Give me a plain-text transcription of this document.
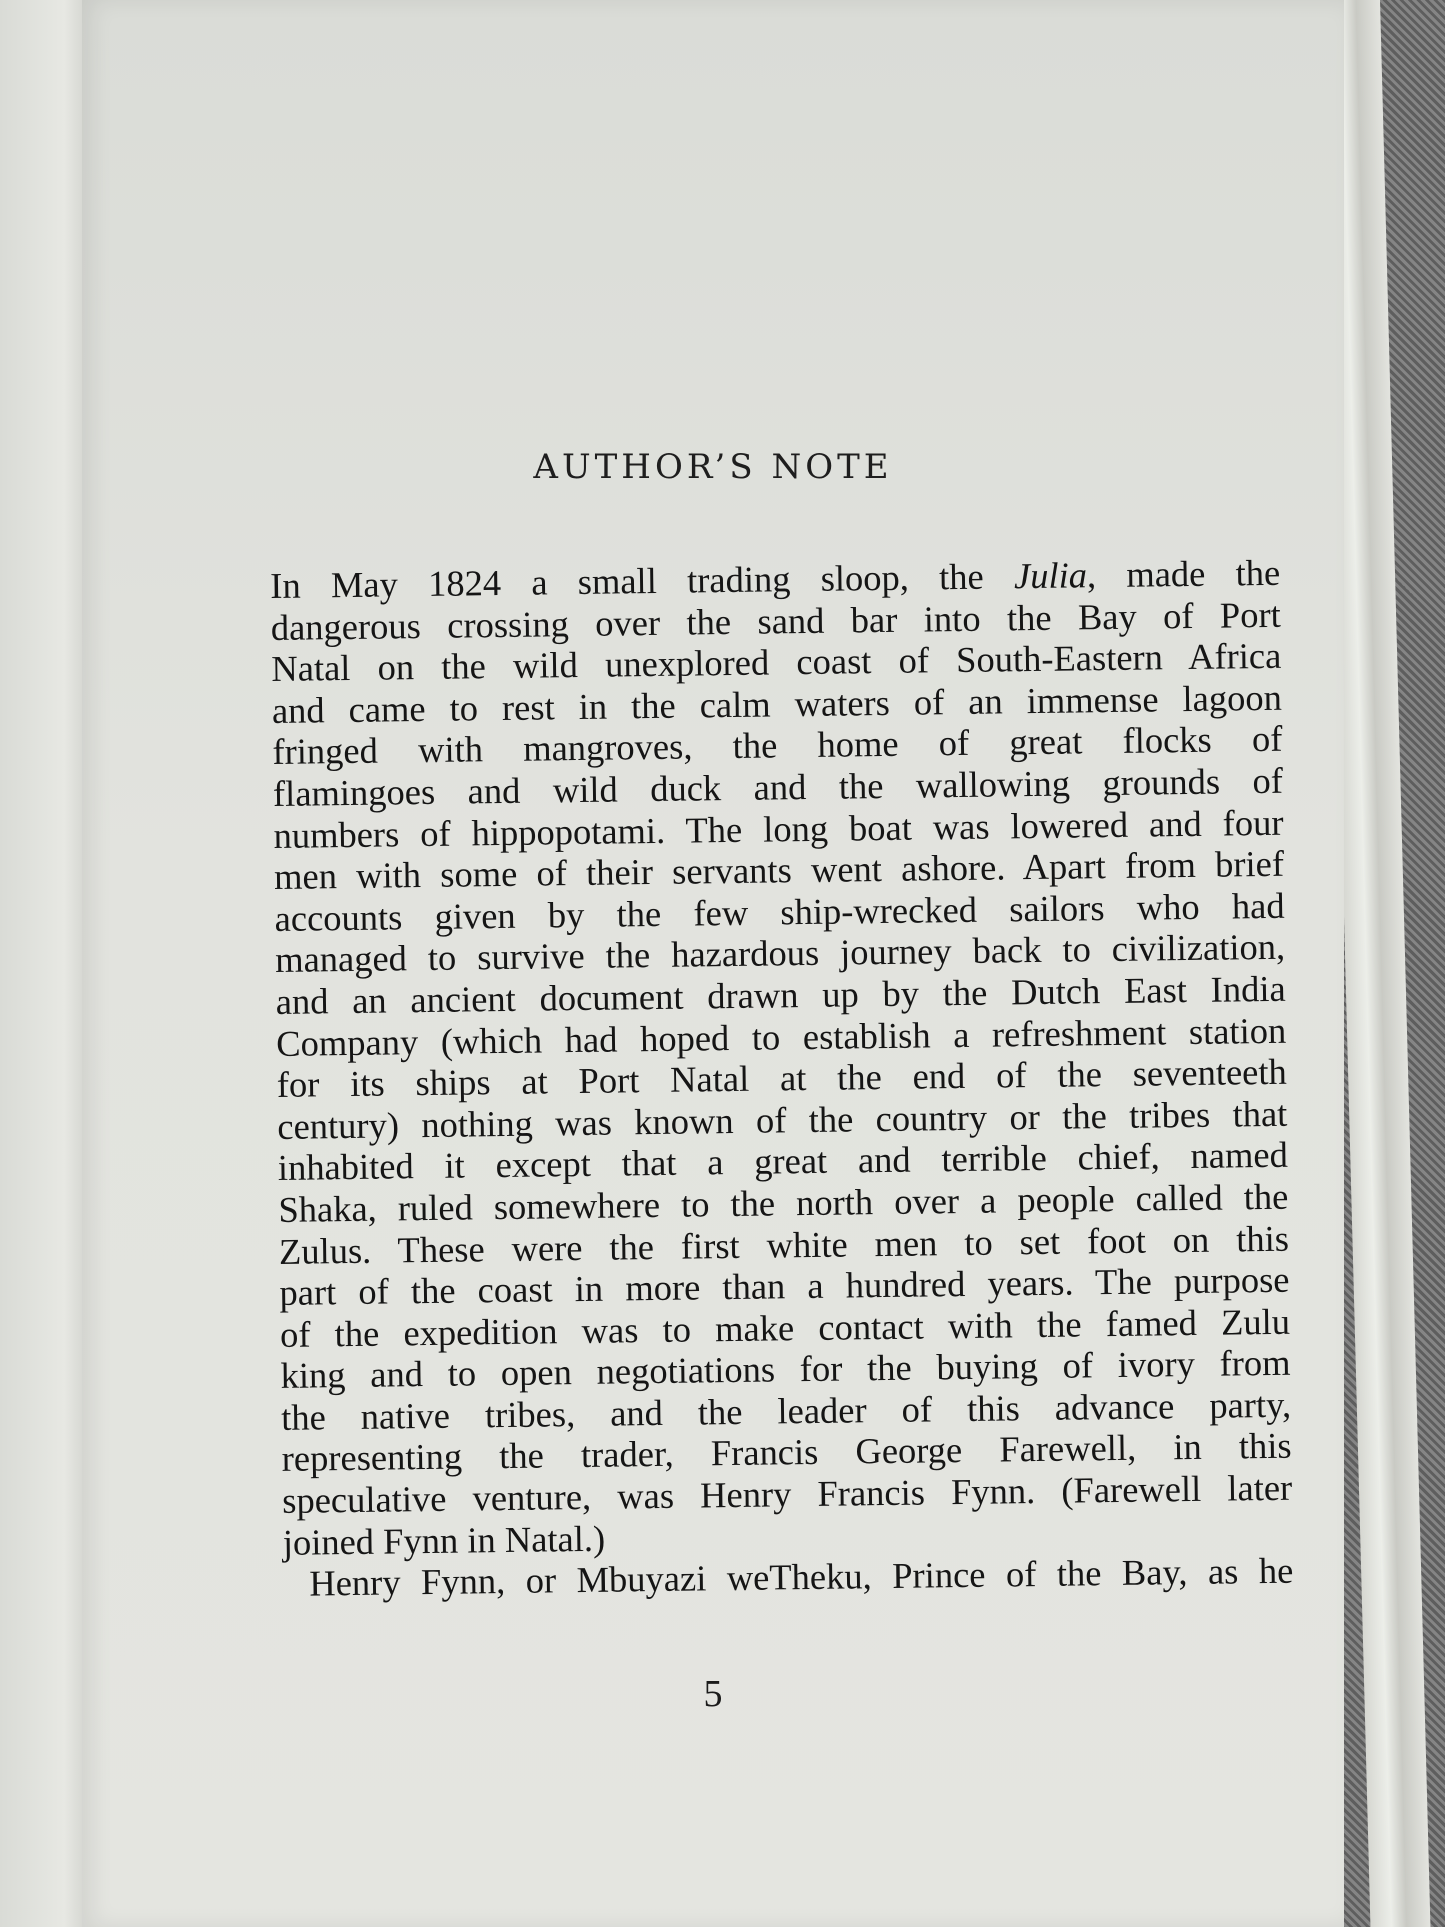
AUTHOR’S NOTE
In May 1824 a small trading sloop, the Julia, made the
dangerous crossing over the sand bar into the Bay of Port
Natal on the wild unexplored coast of South-Eastern Africa
and came to rest in the calm waters of an immense lagoon
fringed with mangroves, the home of great flocks of
flamingoes and wild duck and the wallowing grounds of
numbers of hippopotami. The long boat was lowered and four
men with some of their servants went ashore. Apart from brief
accounts given by the few ship-wrecked sailors who had
managed to survive the hazardous journey back to civilization,
and an ancient document drawn up by the Dutch East India
Company (which had hoped to establish a refreshment station
for its ships at Port Natal at the end of the seventeeth
century) nothing was known of the country or the tribes that
inhabited it except that a great and terrible chief, named
Shaka, ruled somewhere to the north over a people called the
Zulus. These were the first white men to set foot on this
part of the coast in more than a hundred years. The purpose
of the expedition was to make contact with the famed Zulu
king and to open negotiations for the buying of ivory from
the native tribes, and the leader of this advance party,
representing the trader, Francis George Farewell, in this
speculative venture, was Henry Francis Fynn. (Farewell later
joined Fynn in Natal.)
Henry Fynn, or Mbuyazi weTheku, Prince of the Bay, as he
5
